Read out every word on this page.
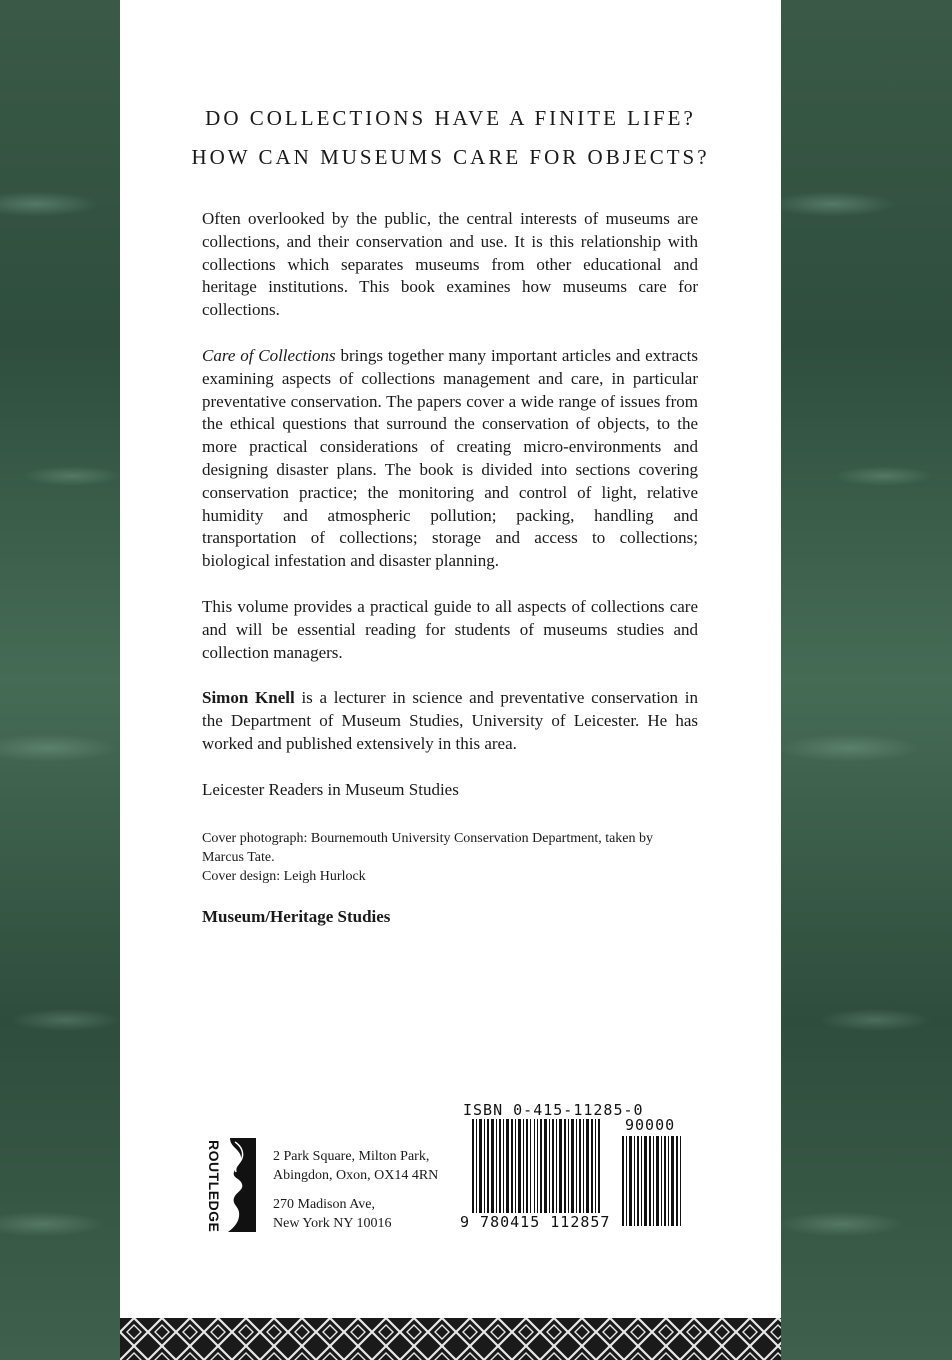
DO COLLECTIONS HAVE A FINITE LIFE?
HOW CAN MUSEUMS CARE FOR OBJECTS?

Often overlooked by the public, the central interests of museums are collections, and their conservation and use. It is this relationship with collections which separates museums from other educational and heritage institutions. This book examines how museums care for collections.

Care of Collections brings together many important articles and extracts examining aspects of collections management and care, in particular preventative conservation. The papers cover a wide range of issues from the ethical questions that surround the conservation of objects, to the more practical considerations of creating micro-environments and designing disaster plans. The book is divided into sections covering conservation practice; the monitoring and control of light, relative humidity and atmospheric pollution; packing, handling and transportation of collections; storage and access to collections; biological infestation and disaster planning.

This volume provides a practical guide to all aspects of collections care and will be essential reading for students of museums studies and collection managers.

Simon Knell is a lecturer in science and preventative conservation in the Department of Museum Studies, University of Leicester. He has worked and published extensively in this area.

Leicester Readers in Museum Studies

Cover photograph: Bournemouth University Conservation Department, taken by Marcus Tate.

Cover design: Leigh Hurlock

Museum/Heritage Studies
ROUTLEDGE	2 Park Square, Milton Park,
Abingdon, Oxon, OX14 4RN
270 Madison Ave,
New York NY 10016
ISBN 0-415-11285-0
90000
9 780415 112857
